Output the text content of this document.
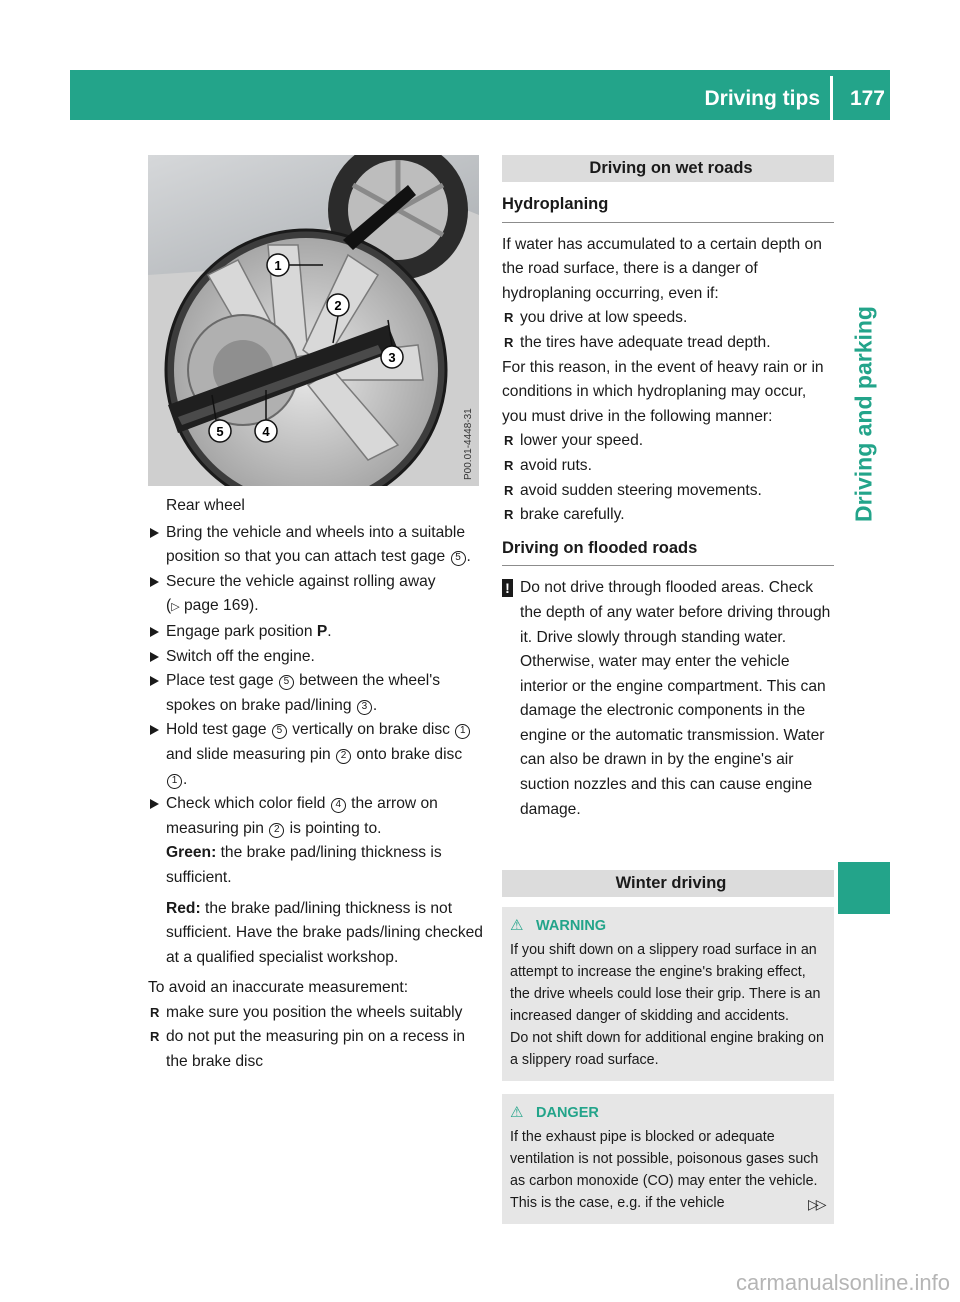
Driving tips 177
Driving and parking
1
2
3
4
5	P00.01-4448-31

Rear wheel

Bring the vehicle and wheels into a suitable position so that you can attach test gage 5 .

Secure the vehicle against rolling away
(▷ page 169).

Engage park position P.

Switch off the engine.

Place test gage 5 between the wheel's spokes on brake pad/lining 3 .

Hold test gage 5 vertically on brake disc 1 and slide measuring pin 2 onto brake disc 1 .

Check which color field 4 the arrow on measuring pin 2 is pointing to.

Green: the brake pad/lining thickness is sufficient.

Red: the brake pad/lining thickness is not sufficient. Have the brake pads/lining checked at a qualified specialist workshop.

To avoid an inaccurate measurement:

R make sure you position the wheels suitably

R do not put the measuring pin on a recess in the brake disc

Driving on wet roads
Hydroplaning

If water has accumulated to a certain depth on the road surface, there is a danger of hydroplaning occurring, even if:

R you drive at low speeds.

R the tires have adequate tread depth.

For this reason, in the event of heavy rain or in conditions in which hydroplaning may occur, you must drive in the following manner:

R lower your speed.

R avoid ruts.

R avoid sudden steering movements.

R brake carefully.

Driving on flooded roads

! Do not drive through flooded areas. Check the depth of any water before driving through it. Drive slowly through standing water. Otherwise, water may enter the vehicle interior or the engine compartment. This can damage the electronic components in the engine or the automatic transmission. Water can also be drawn in by the engine's air suction nozzles and this can cause engine damage.

Winter driving
⚠ WARNING

If you shift down on a slippery road surface in an attempt to increase the engine's braking effect, the drive wheels could lose their grip. There is an increased danger of skidding and accidents.

Do not shift down for additional engine braking on a slippery road surface.

⚠ DANGER

If the exhaust pipe is blocked or adequate ventilation is not possible, poisonous gases such as carbon monoxide (CO) may enter the vehicle. This is the case, e.g. if the vehicle	▷▷
carmanualsonline.info
